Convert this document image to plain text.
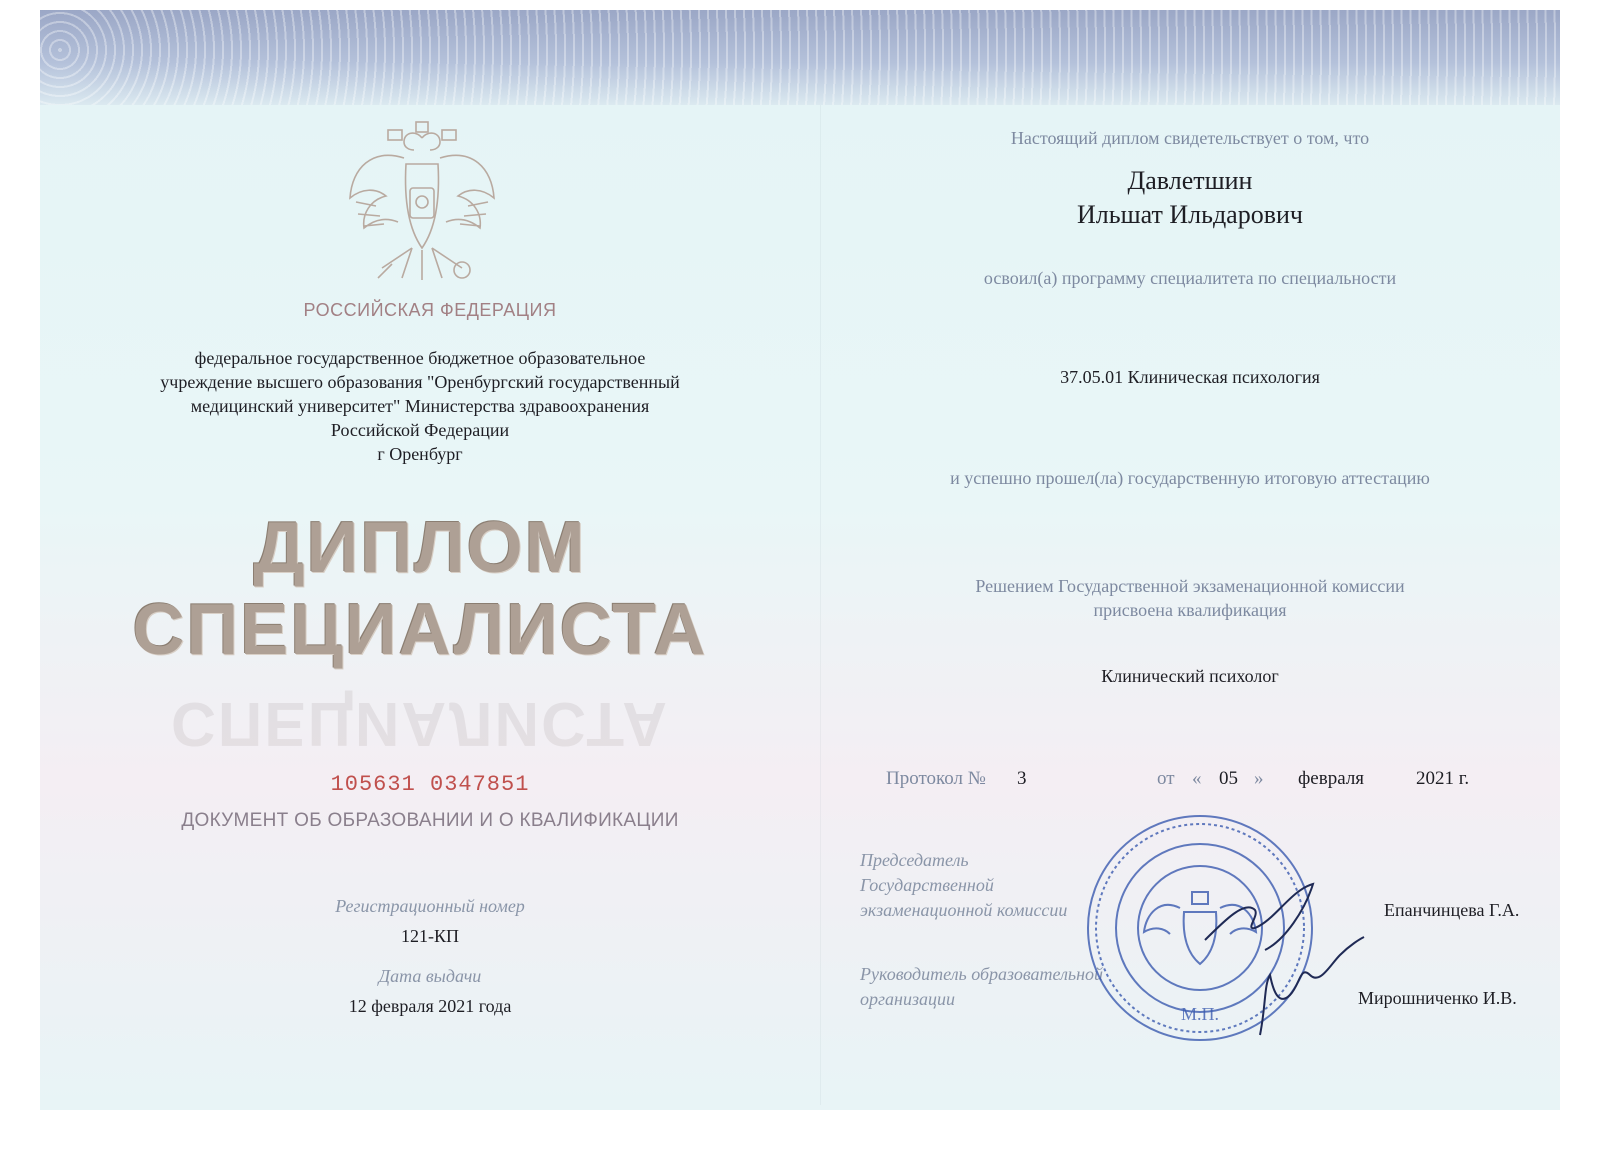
РОССИЙСКАЯ ФЕДЕРАЦИЯ
федеральное государственное бюджетное образовательное
учреждение высшего образования "Оренбургский государственный
медицинский университет" Министерства здравоохранения
Российской Федерации
г Оренбург
ДИПЛОМ
СПЕЦИАЛИСТА
СПЕЦИАЛИСТА
105631 0347851
ДОКУМЕНТ ОБ ОБРАЗОВАНИИ И О КВАЛИФИКАЦИИ
Регистрационный номер
121-КП
Дата выдачи
12 февраля 2021 года
Настоящий диплом свидетельствует о том, что
Давлетшин
Ильшат Ильдарович
освоил(а) программу специалитета по специальности
37.05.01 Клиническая психология
и успешно прошел(ла) государственную итоговую аттестацию
Решением Государственной экзаменационной комиссии
присвоена квалификация
Клинический психолог
Протокол № 3	от « 05 » февраля	2021 г.
Председатель
Государственной
экзаменационной комиссии	Епанчинцева Г.А.
Руководитель образовательной
организации	Мирошниченко И.В.
М.П.
